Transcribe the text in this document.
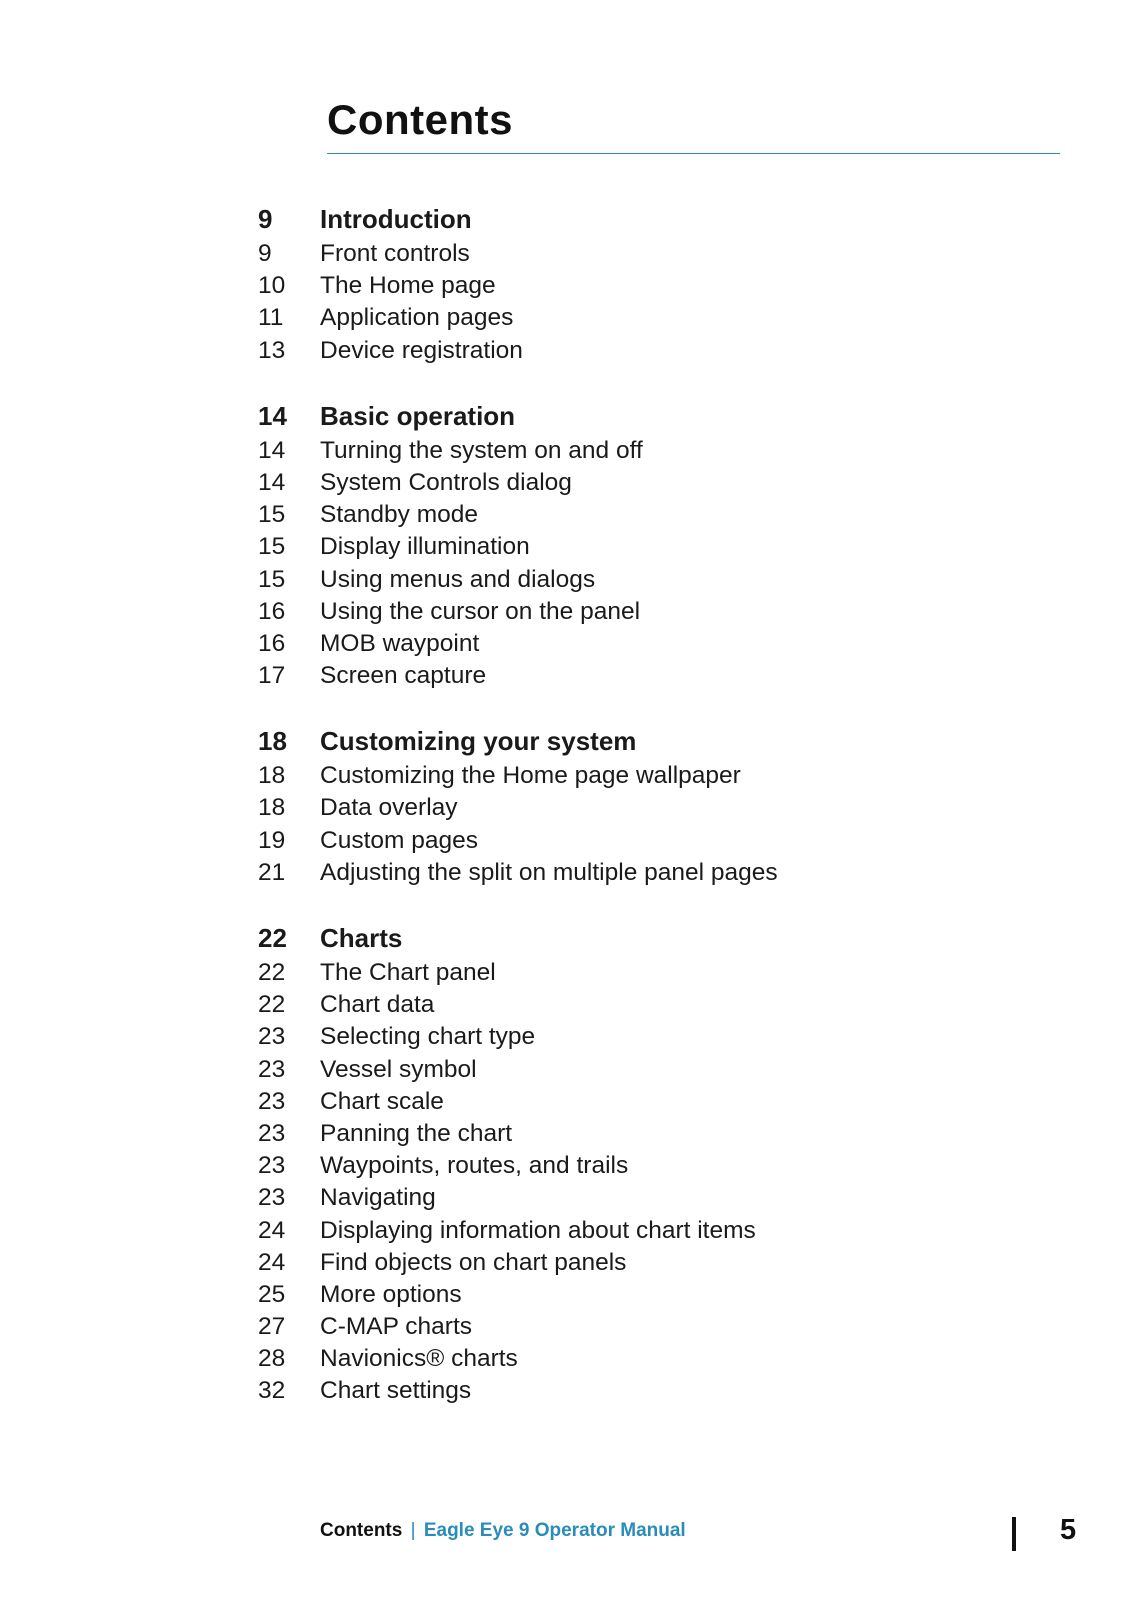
Contents
9	Introduction
9	Front controls
10	The Home page
11	Application pages
13	Device registration
14	Basic operation
14	Turning the system on and off
14	System Controls dialog
15	Standby mode
15	Display illumination
15	Using menus and dialogs
16	Using the cursor on the panel
16	MOB waypoint
17	Screen capture
18	Customizing your system
18	Customizing the Home page wallpaper
18	Data overlay
19	Custom pages
21	Adjusting the split on multiple panel pages
22	Charts
22	The Chart panel
22	Chart data
23	Selecting chart type
23	Vessel symbol
23	Chart scale
23	Panning the chart
23	Waypoints, routes, and trails
23	Navigating
24	Displaying information about chart items
24	Find objects on chart panels
25	More options
27	C-MAP charts
28	Navionics® charts
32	Chart settings
Contents | Eagle Eye 9 Operator Manual	5
